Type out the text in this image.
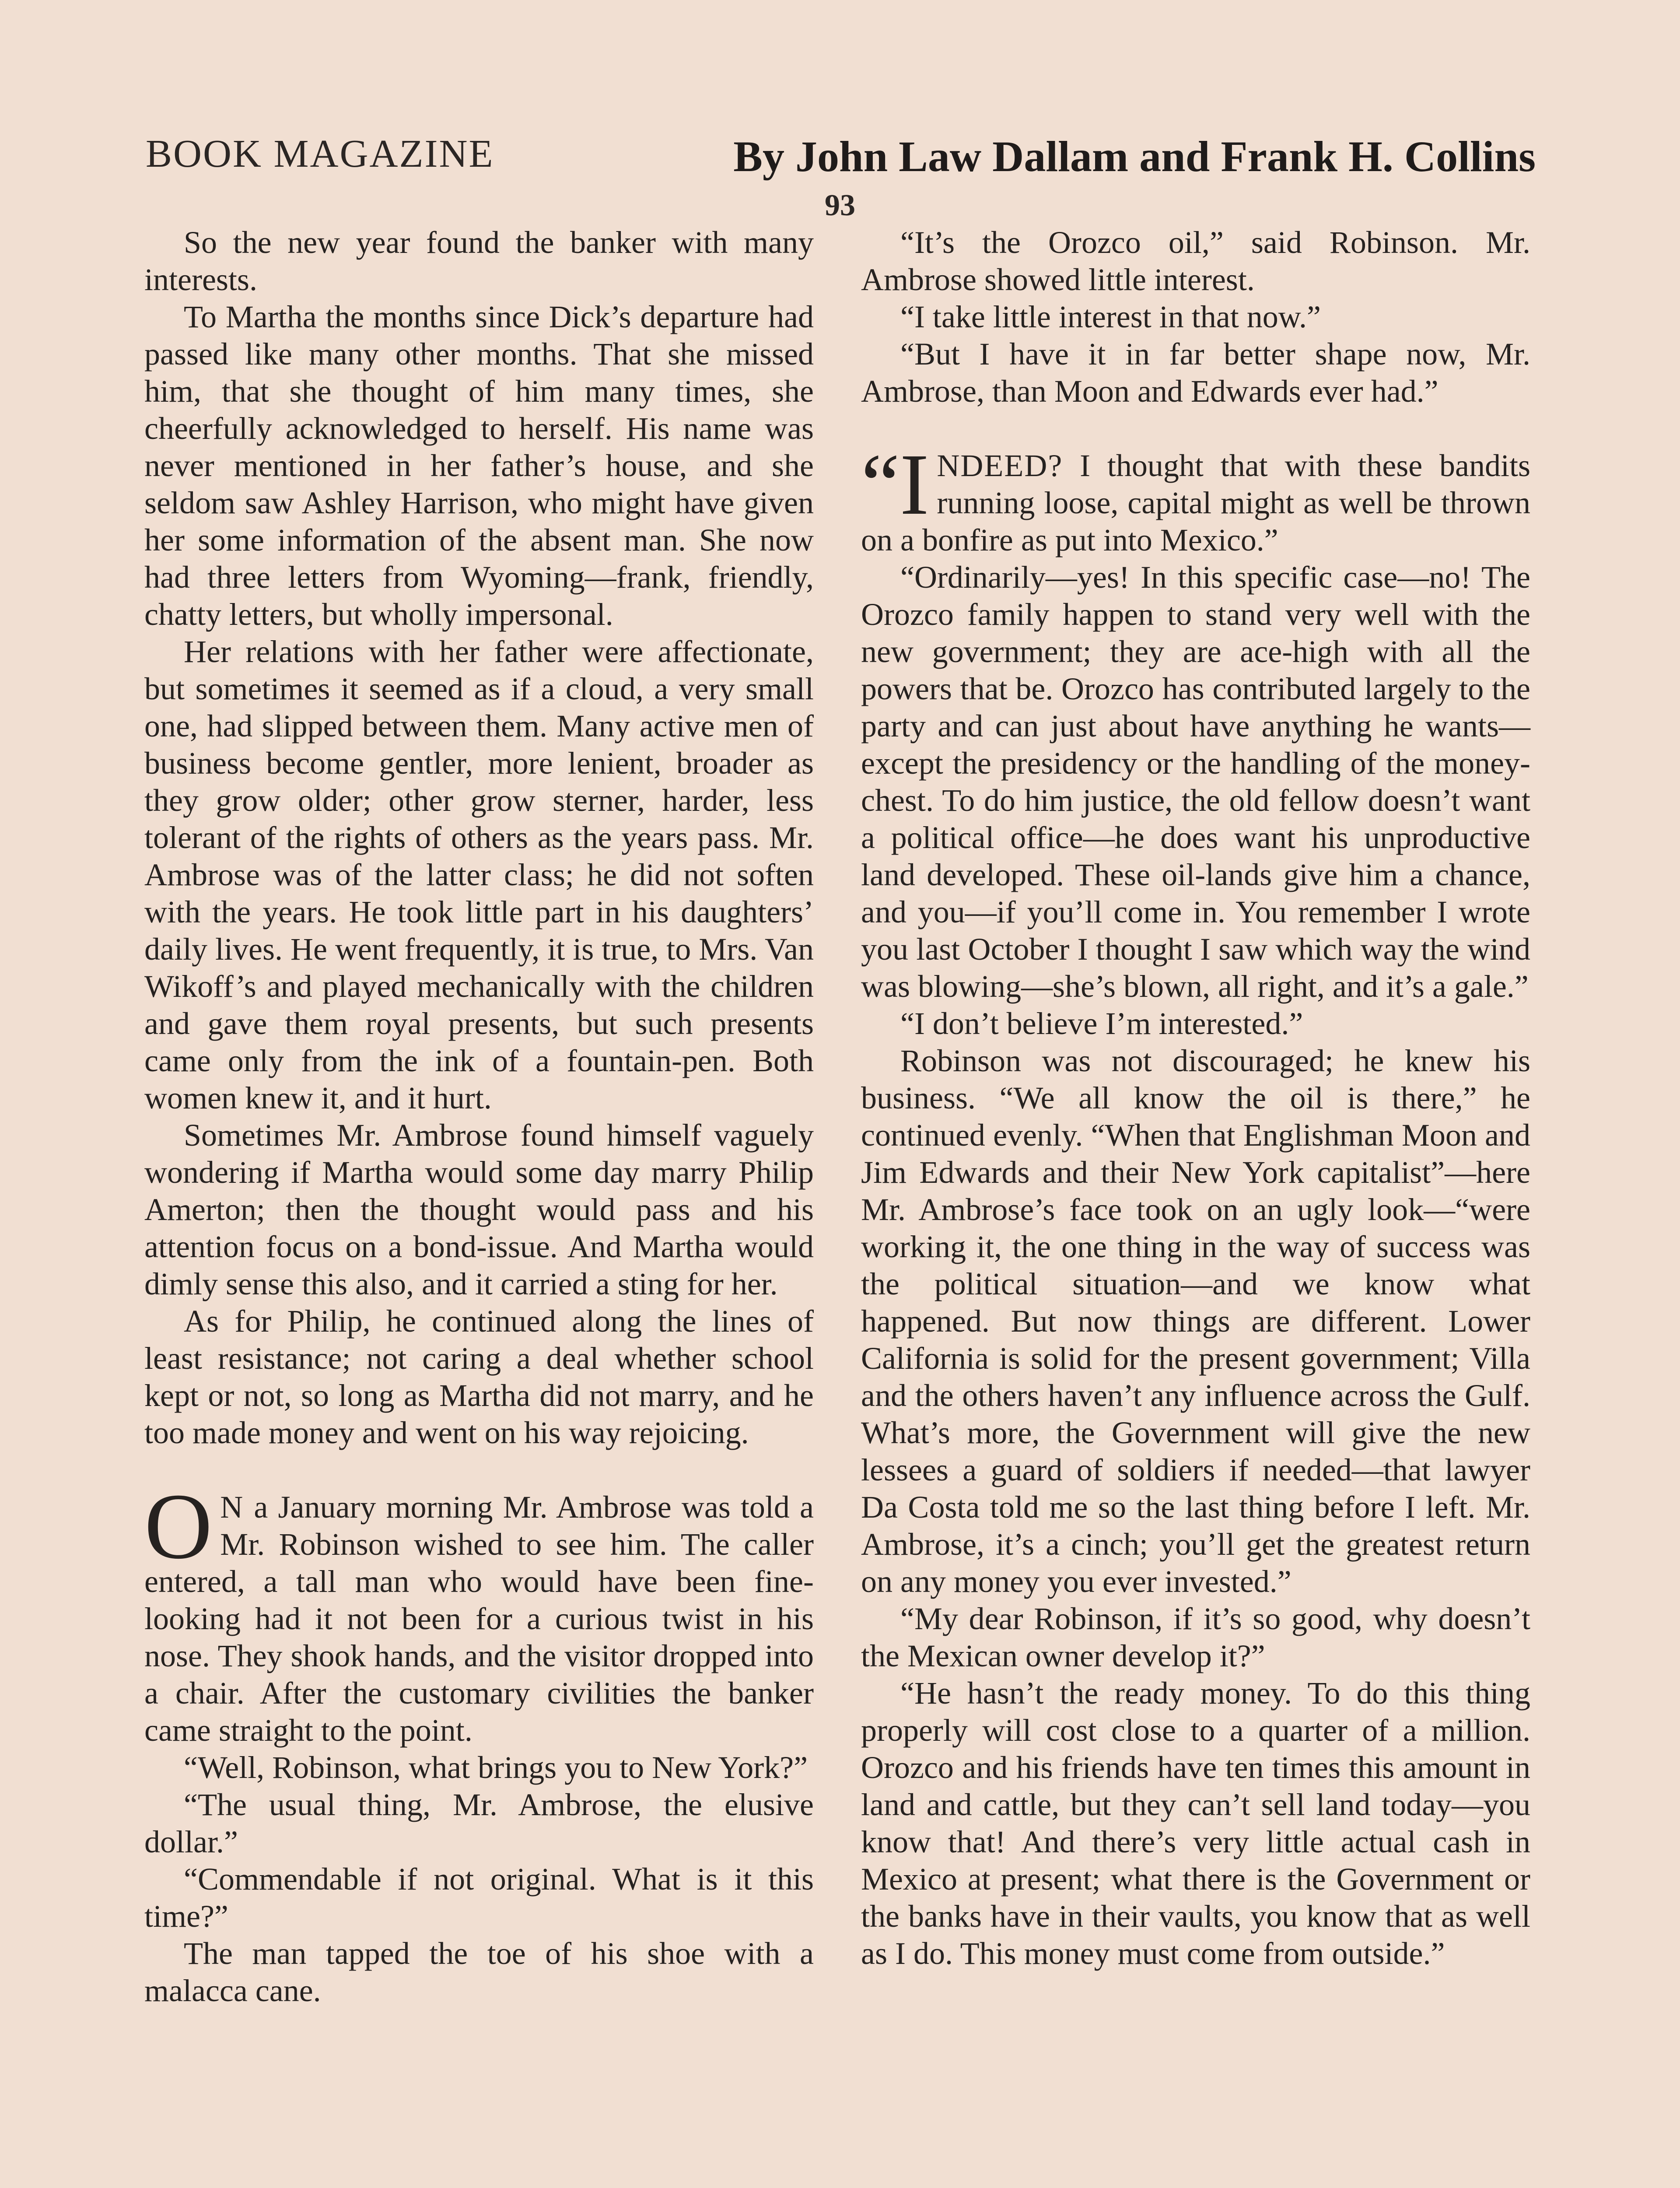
BOOK MAGAZINE	By John Law Dallam and Frank H. Collins
93

So the new year found the banker with many interests.

To Martha the months since Dick’s departure had passed like many other months. That she missed him, that she thought of him many times, she cheerfully acknowledged to herself. His name was never mentioned in her father’s house, and she seldom saw Ashley Harrison, who might have given her some information of the absent man. She now had three letters from Wyoming—frank, friendly, chatty letters, but wholly impersonal.

Her relations with her father were affectionate, but sometimes it seemed as if a cloud, a very small one, had slipped between them. Many active men of business become gentler, more lenient, broader as they grow older; other grow sterner, harder, less tolerant of the rights of others as the years pass. Mr. Ambrose was of the latter class; he did not soften with the years. He took little part in his daughters’ daily lives. He went frequently, it is true, to Mrs. Van Wikoff’s and played mechanically with the children and gave them royal presents, but such presents came only from the ink of a fountain-pen. Both women knew it, and it hurt.

Sometimes Mr. Ambrose found himself vaguely wondering if Martha would some day marry Philip Amerton; then the thought would pass and his attention focus on a bond-issue. And Martha would dimly sense this also, and it carried a sting for her.

As for Philip, he continued along the lines of least resistance; not caring a deal whether school kept or not, so long as Martha did not marry, and he too made money and went on his way rejoicing.

O N a January morning Mr. Ambrose was told a Mr. Robinson wished to see him. The caller entered, a tall man who would have been fine-looking had it not been for a curious twist in his nose. They shook hands, and the visitor dropped into a chair. After the customary civilities the banker came straight to the point.

“Well, Robinson, what brings you to New York?”

“The usual thing, Mr. Ambrose, the elusive dollar.”

“Commendable if not original. What is it this time?”

The man tapped the toe of his shoe with a malacca cane.

“It’s the Orozco oil,” said Robinson. Mr. Ambrose showed little interest.

“I take little interest in that now.”

“But I have it in far better shape now, Mr. Ambrose, than Moon and Edwards ever had.”

“INDEED? I thought that with these bandits running loose, capital might as well be thrown on a bonfire as put into Mexico.”

“Ordinarily—yes! In this specific case—no! The Orozco family happen to stand very well with the new government; they are ace-high with all the powers that be. Orozco has contributed largely to the party and can just about have anything he wants—except the presidency or the handling of the money-chest. To do him justice, the old fellow doesn’t want a political office—he does want his unproductive land developed. These oil-lands give him a chance, and you—if you’ll come in. You remember I wrote you last October I thought I saw which way the wind was blowing—she’s blown, all right, and it’s a gale.”

“I don’t believe I’m interested.”

Robinson was not discouraged; he knew his business. “We all know the oil is there,” he continued evenly. “When that Englishman Moon and Jim Edwards and their New York capitalist”—here Mr. Ambrose’s face took on an ugly look—“were working it, the one thing in the way of success was the political situation—and we know what happened. But now things are different. Lower California is solid for the present government; Villa and the others haven’t any influence across the Gulf. What’s more, the Government will give the new lessees a guard of soldiers if needed—that lawyer Da Costa told me so the last thing before I left. Mr. Ambrose, it’s a cinch; you’ll get the greatest return on any money you ever invested.”

“My dear Robinson, if it’s so good, why doesn’t the Mexican owner develop it?”

“He hasn’t the ready money. To do this thing properly will cost close to a quarter of a million. Orozco and his friends have ten times this amount in land and cattle, but they can’t sell land today—you know that! And there’s very little actual cash in Mexico at present; what there is the Government or the banks have in their vaults, you know that as well as I do. This money must come from outside.”
